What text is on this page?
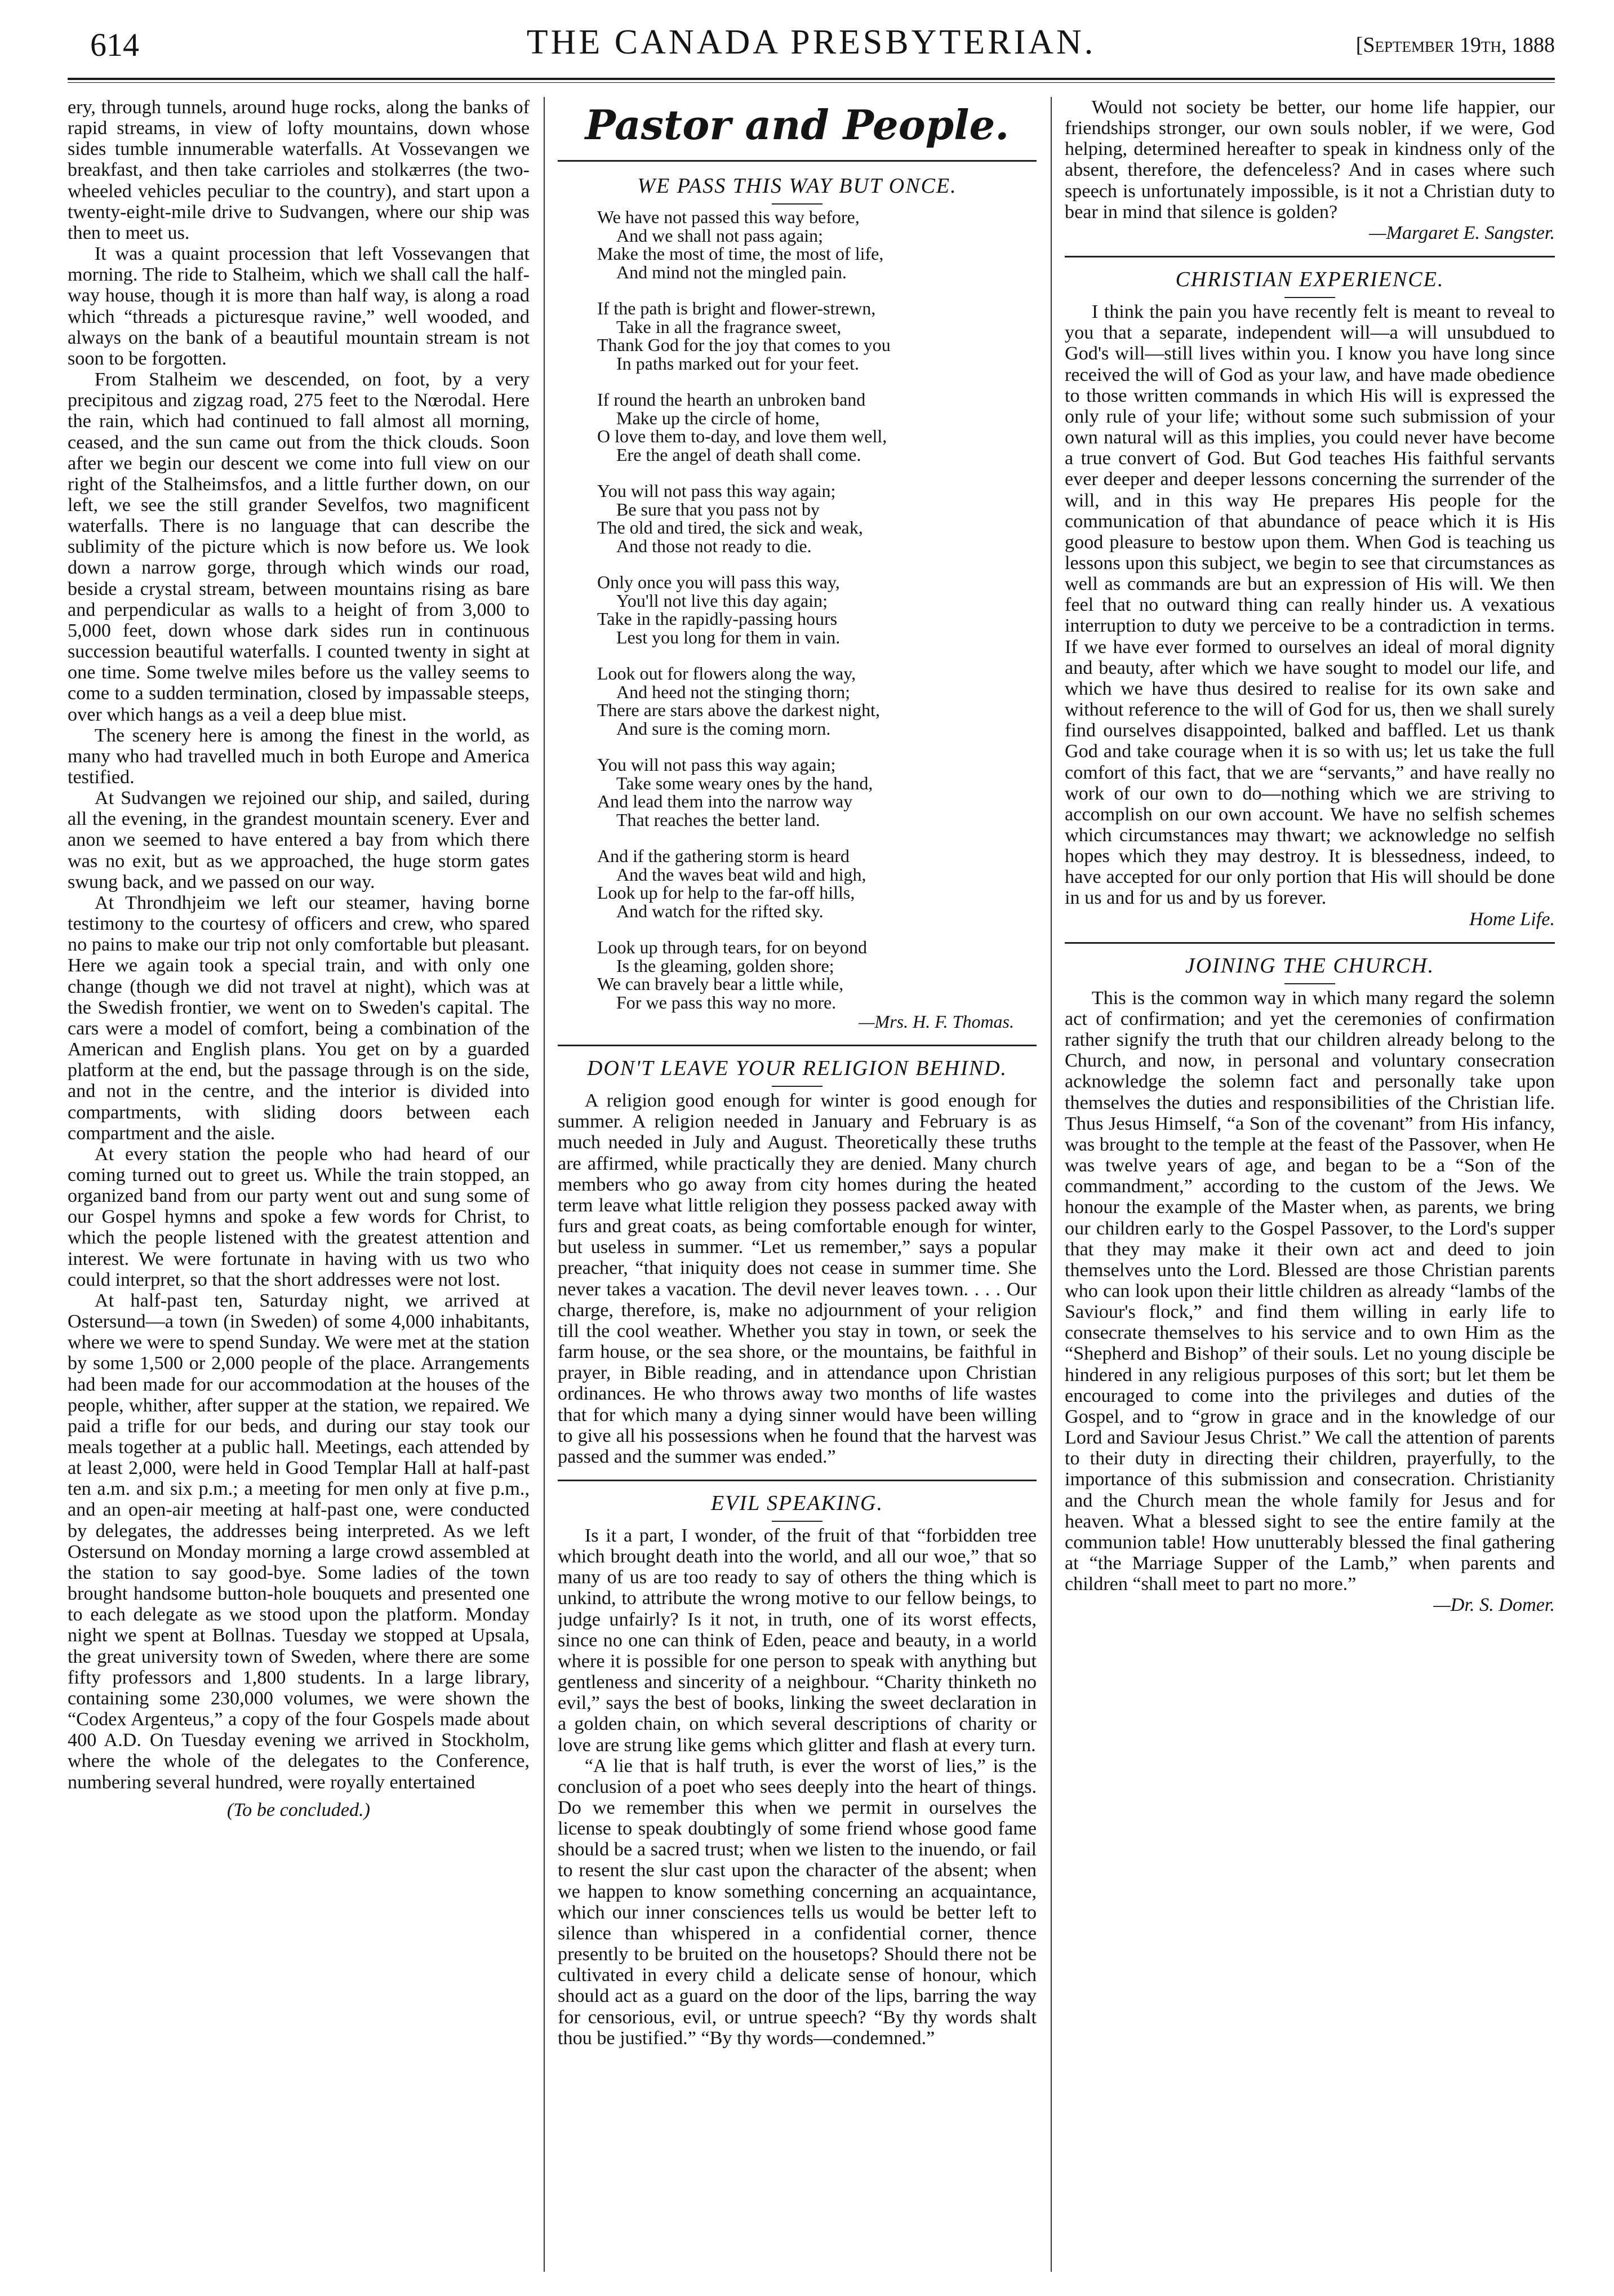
614	THE CANADA PRESBYTERIAN.	[September 19th, 1888

ery, through tunnels, around huge rocks, along the banks of rapid streams, in view of lofty mountains, down whose sides tumble innumerable waterfalls. At Vossevangen we breakfast, and then take carrioles and stolkærres (the two-wheeled vehicles peculiar to the country), and start upon a twenty-eight-mile drive to Sudvangen, where our ship was then to meet us.

It was a quaint procession that left Vossevangen that morning. The ride to Stalheim, which we shall call the half-way house, though it is more than half way, is along a road which “threads a picturesque ravine,” well wooded, and always on the bank of a beautiful mountain stream is not soon to be forgotten.

From Stalheim we descended, on foot, by a very precipitous and zigzag road, 275 feet to the Nœrodal. Here the rain, which had continued to fall almost all morning, ceased, and the sun came out from the thick clouds. Soon after we begin our descent we come into full view on our right of the Stalheimsfos, and a little further down, on our left, we see the still grander Sevelfos, two magnificent waterfalls. There is no language that can describe the sublimity of the picture which is now before us. We look down a narrow gorge, through which winds our road, beside a crystal stream, between mountains rising as bare and perpendicular as walls to a height of from 3,000 to 5,000 feet, down whose dark sides run in continuous succession beautiful waterfalls. I counted twenty in sight at one time. Some twelve miles before us the valley seems to come to a sudden termination, closed by impassable steeps, over which hangs as a veil a deep blue mist.

The scenery here is among the finest in the world, as many who had travelled much in both Europe and America testified.

At Sudvangen we rejoined our ship, and sailed, during all the evening, in the grandest mountain scenery. Ever and anon we seemed to have entered a bay from which there was no exit, but as we approached, the huge storm gates swung back, and we passed on our way.

At Throndhjeim we left our steamer, having borne testimony to the courtesy of officers and crew, who spared no pains to make our trip not only comfortable but pleasant. Here we again took a special train, and with only one change (though we did not travel at night), which was at the Swedish frontier, we went on to Sweden's capital. The cars were a model of comfort, being a combination of the American and English plans. You get on by a guarded platform at the end, but the passage through is on the side, and not in the centre, and the interior is divided into compartments, with sliding doors between each compartment and the aisle.

At every station the people who had heard of our coming turned out to greet us. While the train stopped, an organized band from our party went out and sung some of our Gospel hymns and spoke a few words for Christ, to which the people listened with the greatest attention and interest. We were fortunate in having with us two who could interpret, so that the short addresses were not lost.

At half-past ten, Saturday night, we arrived at Ostersund—a town (in Sweden) of some 4,000 inhabitants, where we were to spend Sunday. We were met at the station by some 1,500 or 2,000 people of the place. Arrangements had been made for our accommodation at the houses of the people, whither, after supper at the station, we repaired. We paid a trifle for our beds, and during our stay took our meals together at a public hall. Meetings, each attended by at least 2,000, were held in Good Templar Hall at half-past ten a.m. and six p.m.; a meeting for men only at five p.m., and an open-air meeting at half-past one, were conducted by delegates, the addresses being interpreted. As we left Ostersund on Monday morning a large crowd assembled at the station to say good-bye. Some ladies of the town brought handsome button-hole bouquets and presented one to each delegate as we stood upon the platform. Monday night we spent at Bollnas. Tuesday we stopped at Upsala, the great university town of Sweden, where there are some fifty professors and 1,800 students. In a large library, containing some 230,000 volumes, we were shown the “Codex Argenteus,” a copy of the four Gospels made about 400 A.D. On Tuesday evening we arrived in Stockholm, where the whole of the delegates to the Conference, numbering several hundred, were royally entertained

(To be concluded.)
Pastor and People.
WE PASS THIS WAY BUT ONCE.
We have not passed this way before,
And we shall not pass again;
Make the most of time, the most of life,
And mind not the mingled pain.
If the path is bright and flower-strewn,
Take in all the fragrance sweet,
Thank God for the joy that comes to you
In paths marked out for your feet.
If round the hearth an unbroken band
Make up the circle of home,
O love them to-day, and love them well,
Ere the angel of death shall come.
You will not pass this way again;
Be sure that you pass not by
The old and tired, the sick and weak,
And those not ready to die.
Only once you will pass this way,
You'll not live this day again;
Take in the rapidly-passing hours
Lest you long for them in vain.
Look out for flowers along the way,
And heed not the stinging thorn;
There are stars above the darkest night,
And sure is the coming morn.
You will not pass this way again;
Take some weary ones by the hand,
And lead them into the narrow way
That reaches the better land.
And if the gathering storm is heard
And the waves beat wild and high,
Look up for help to the far-off hills,
And watch for the rifted sky.
Look up through tears, for on beyond
Is the gleaming, golden shore;
We can bravely bear a little while,
For we pass this way no more.
—Mrs. H. F. Thomas.
DON'T LEAVE YOUR RELIGION BEHIND.

A religion good enough for winter is good enough for summer. A religion needed in January and February is as much needed in July and August. Theoretically these truths are affirmed, while practically they are denied. Many church members who go away from city homes during the heated term leave what little religion they possess packed away with furs and great coats, as being comfortable enough for winter, but useless in summer. “Let us remember,” says a popular preacher, “that iniquity does not cease in summer time. She never takes a vacation. The devil never leaves town. . . . Our charge, therefore, is, make no adjournment of your religion till the cool weather. Whether you stay in town, or seek the farm house, or the sea shore, or the mountains, be faithful in prayer, in Bible reading, and in attendance upon Christian ordinances. He who throws away two months of life wastes that for which many a dying sinner would have been willing to give all his possessions when he found that the harvest was passed and the summer was ended.”

EVIL SPEAKING.

Is it a part, I wonder, of the fruit of that “forbidden tree which brought death into the world, and all our woe,” that so many of us are too ready to say of others the thing which is unkind, to attribute the wrong motive to our fellow beings, to judge unfairly? Is it not, in truth, one of its worst effects, since no one can think of Eden, peace and beauty, in a world where it is possible for one person to speak with anything but gentleness and sincerity of a neighbour. “Charity thinketh no evil,” says the best of books, linking the sweet declaration in a golden chain, on which several descriptions of charity or love are strung like gems which glitter and flash at every turn.

“A lie that is half truth, is ever the worst of lies,” is the conclusion of a poet who sees deeply into the heart of things. Do we remember this when we permit in ourselves the license to speak doubtingly of some friend whose good fame should be a sacred trust; when we listen to the inuendo, or fail to resent the slur cast upon the character of the absent; when we happen to know something concerning an acquaintance, which our inner consciences tells us would be better left to silence than whispered in a confidential corner, thence presently to be bruited on the housetops? Should there not be cultivated in every child a delicate sense of honour, which should act as a guard on the door of the lips, barring the way for censorious, evil, or untrue speech? “By thy words shalt thou be justified.” “By thy words—condemned.”

Would not society be better, our home life happier, our friendships stronger, our own souls nobler, if we were, God helping, determined hereafter to speak in kindness only of the absent, therefore, the defenceless? And in cases where such speech is unfortunately impossible, is it not a Christian duty to bear in mind that silence is golden?

—Margaret E. Sangster.
CHRISTIAN EXPERIENCE.

I think the pain you have recently felt is meant to reveal to you that a separate, independent will—a will unsubdued to God's will—still lives within you. I know you have long since received the will of God as your law, and have made obedience to those written commands in which His will is expressed the only rule of your life; without some such submission of your own natural will as this implies, you could never have become a true convert of God. But God teaches His faithful servants ever deeper and deeper lessons concerning the surrender of the will, and in this way He prepares His people for the communication of that abundance of peace which it is His good pleasure to bestow upon them. When God is teaching us lessons upon this subject, we begin to see that circumstances as well as commands are but an expression of His will. We then feel that no outward thing can really hinder us. A vexatious interruption to duty we perceive to be a contradiction in terms. If we have ever formed to ourselves an ideal of moral dignity and beauty, after which we have sought to model our life, and which we have thus desired to realise for its own sake and without reference to the will of God for us, then we shall surely find ourselves disappointed, balked and baffled. Let us thank God and take courage when it is so with us; let us take the full comfort of this fact, that we are “servants,” and have really no work of our own to do—nothing which we are striving to accomplish on our own account. We have no selfish schemes which circumstances may thwart; we acknowledge no selfish hopes which they may destroy. It is blessedness, indeed, to have accepted for our only portion that His will should be done in us and for us and by us forever.

Home Life.
JOINING THE CHURCH.

This is the common way in which many regard the solemn act of confirmation; and yet the ceremonies of confirmation rather signify the truth that our children already belong to the Church, and now, in personal and voluntary consecration acknowledge the solemn fact and personally take upon themselves the duties and responsibilities of the Christian life. Thus Jesus Himself, “a Son of the covenant” from His infancy, was brought to the temple at the feast of the Passover, when He was twelve years of age, and began to be a “Son of the commandment,” according to the custom of the Jews. We honour the example of the Master when, as parents, we bring our children early to the Gospel Passover, to the Lord's supper that they may make it their own act and deed to join themselves unto the Lord. Blessed are those Christian parents who can look upon their little children as already “lambs of the Saviour's flock,” and find them willing in early life to consecrate themselves to his service and to own Him as the “Shepherd and Bishop” of their souls. Let no young disciple be hindered in any religious purposes of this sort; but let them be encouraged to come into the privileges and duties of the Gospel, and to “grow in grace and in the knowledge of our Lord and Saviour Jesus Christ.” We call the attention of parents to their duty in directing their children, prayerfully, to the importance of this submission and consecration. Christianity and the Church mean the whole family for Jesus and for heaven. What a blessed sight to see the entire family at the communion table! How unutterably blessed the final gathering at “the Marriage Supper of the Lamb,” when parents and children “shall meet to part no more.”

—Dr. S. Domer.
